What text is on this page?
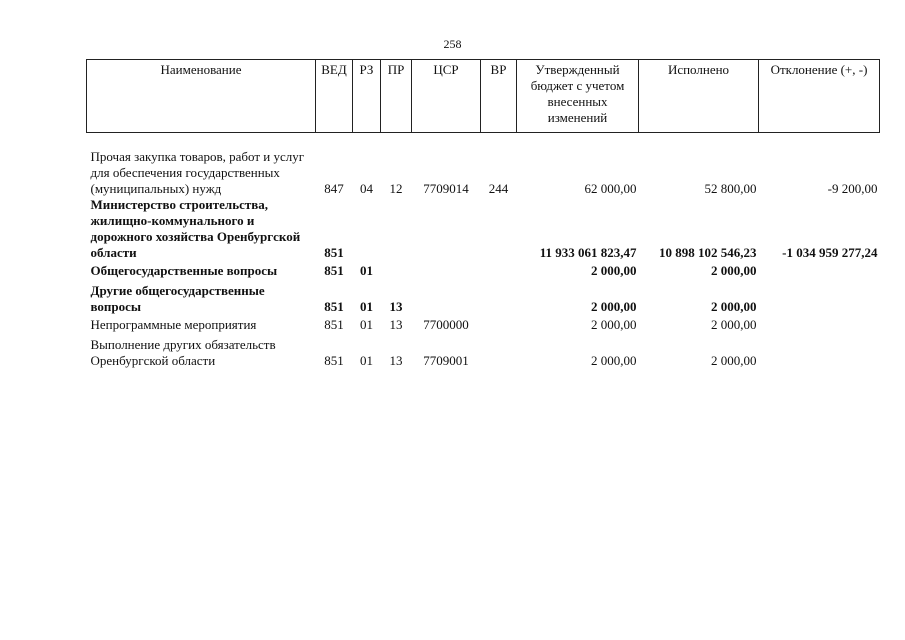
258
Наименование	ВЕД	РЗ	ПР	ЦСР	ВР	Утвержденный бюджет с учетом внесенных изменений	Исполнено	Отклонение (+, -)
Прочая закупка товаров, работ и услуг для обеспечения государственных (муниципальных) нужд	847	04	12	7709014	244	62 000,00	52 800,00	-9 200,00
Министерство строительства, жилищно-коммунального и дорожного хозяйства Оренбургской области	851					11 933 061 823,47	10 898 102 546,23	-1 034 959 277,24
Общегосударственные вопросы	851	01				2 000,00	2 000,00	
Другие общегосударственные вопросы	851	01	13			2 000,00	2 000,00	
Непрограммные мероприятия	851	01	13	7700000		2 000,00	2 000,00	
Выполнение других обязательств Оренбургской области	851	01	13	7709001		2 000,00	2 000,00	
